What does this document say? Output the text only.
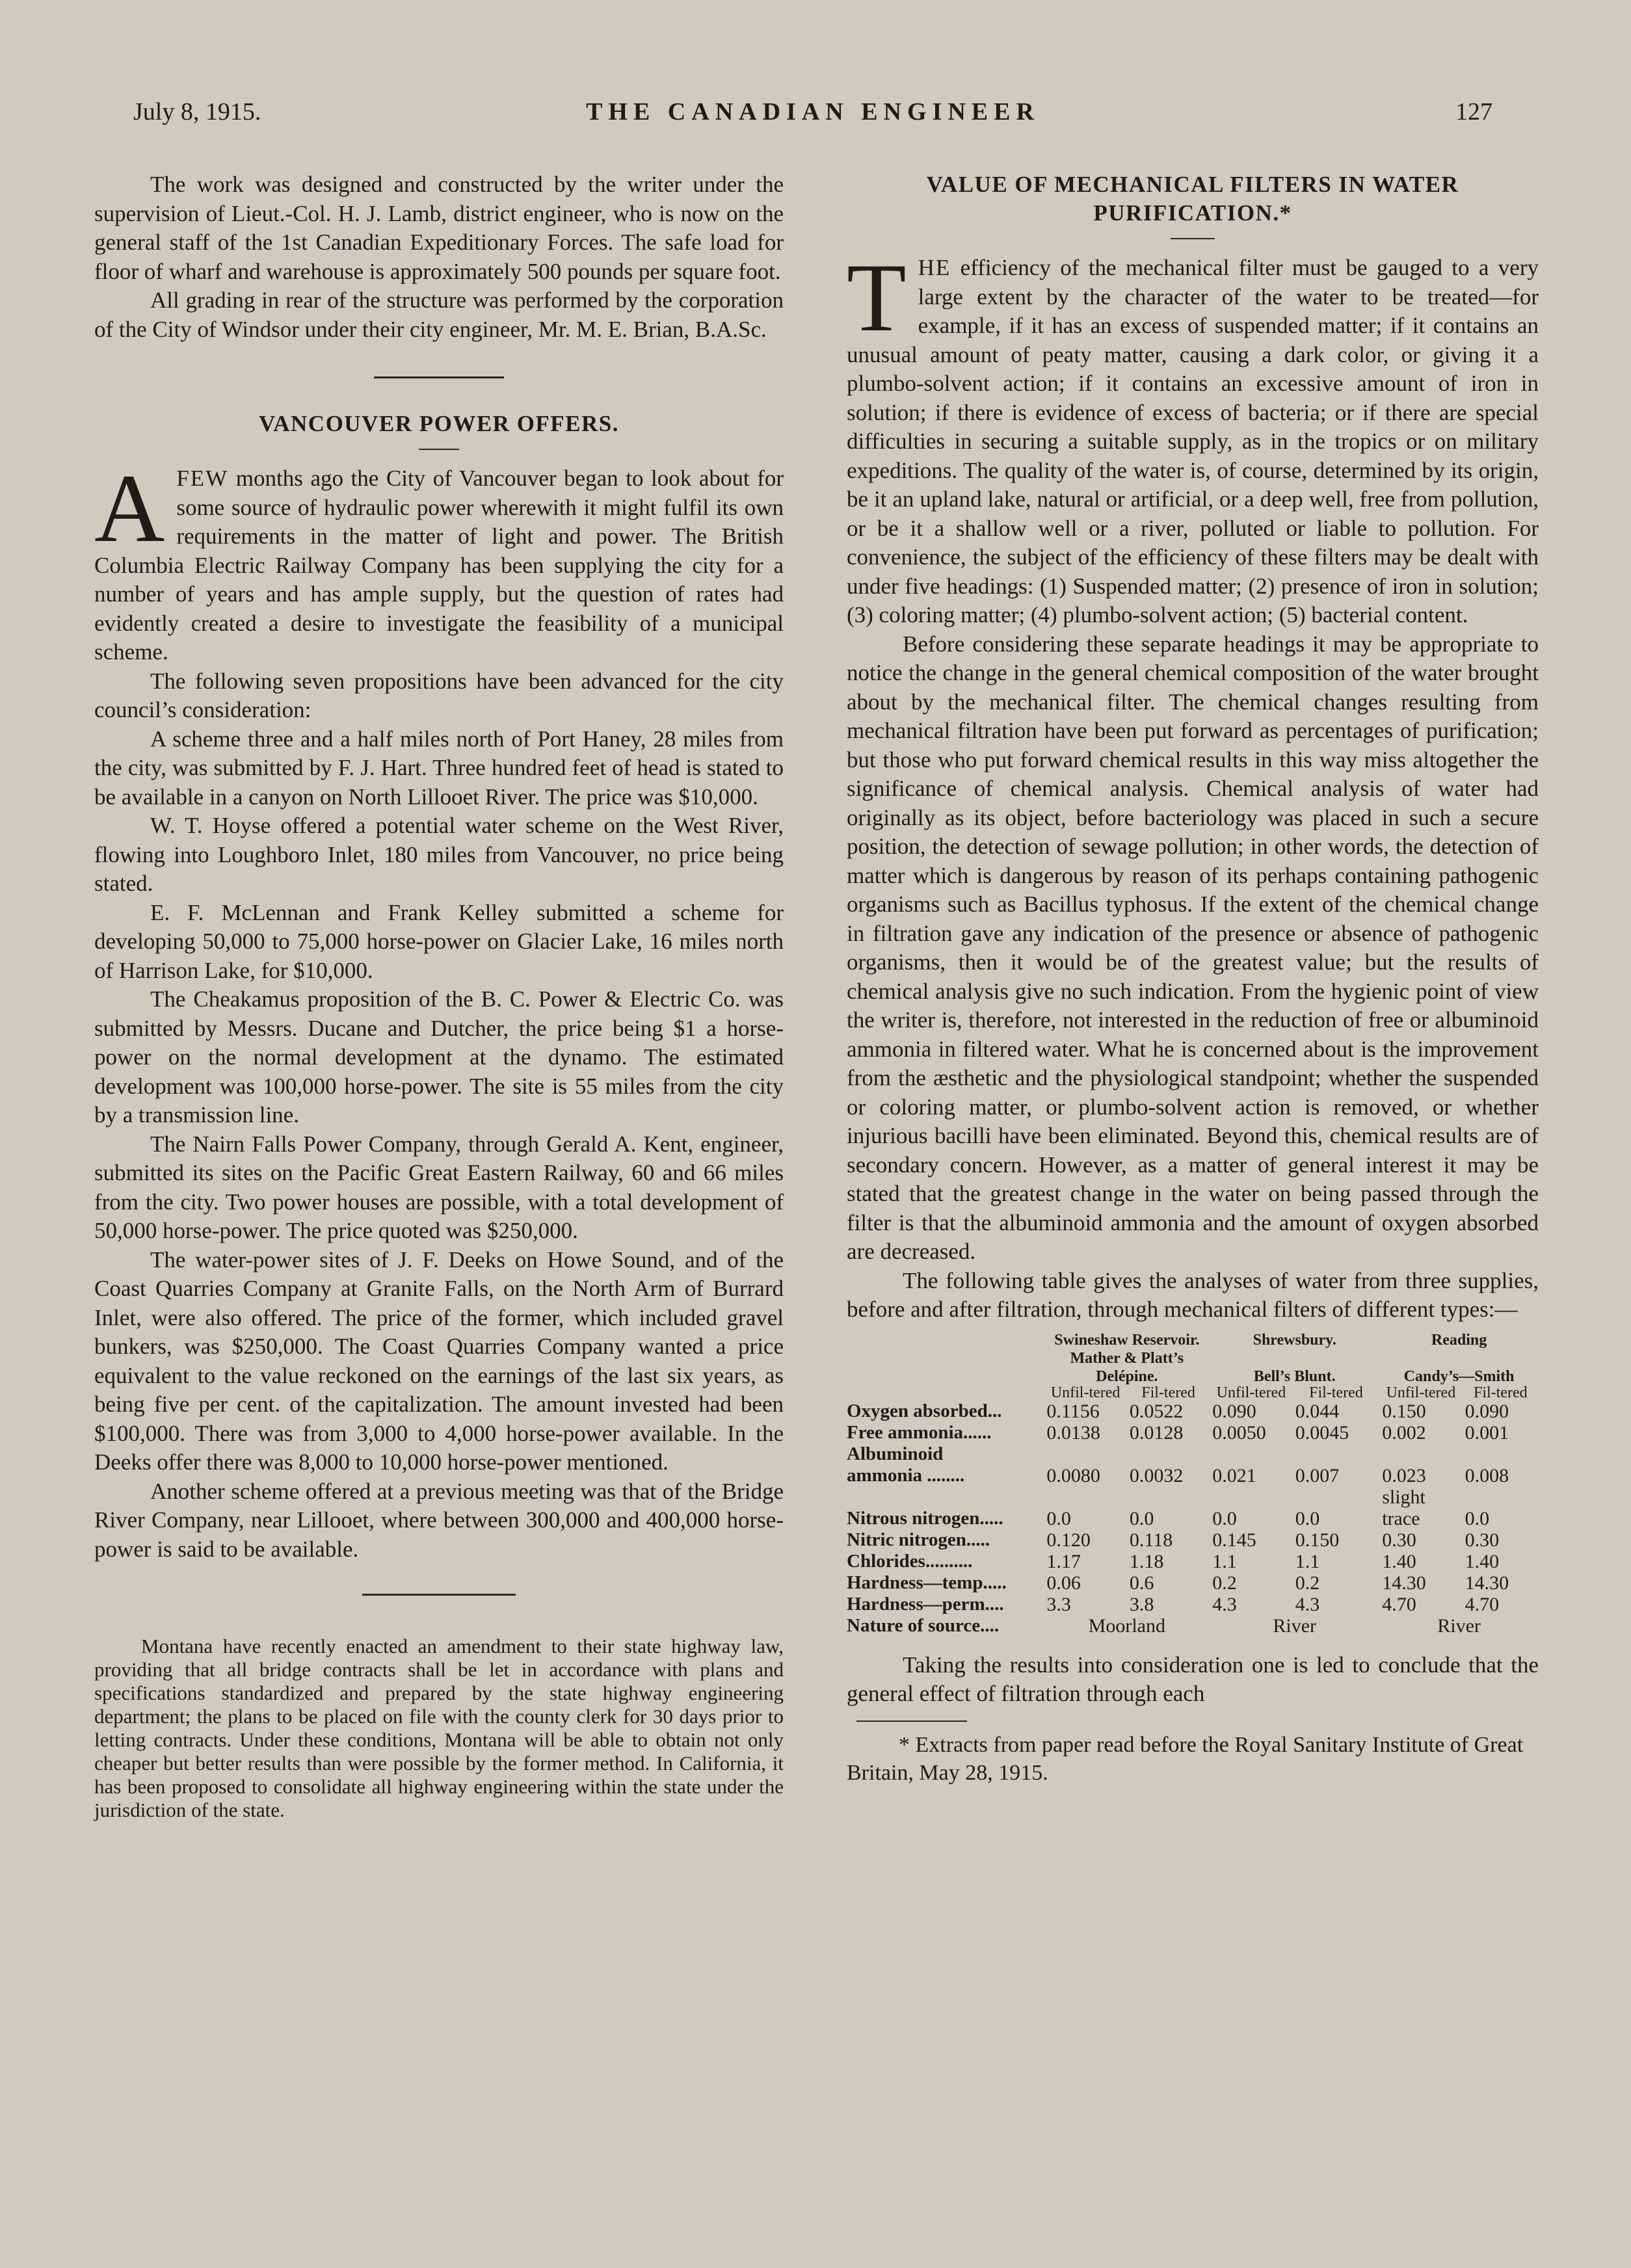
July 8, 1915.	THE CANADIAN ENGINEER	127

The work was designed and constructed by the writer under the supervision of Lieut.-Col. H. J. Lamb, district engineer, who is now on the general staff of the 1st Canadian Expeditionary Forces. The safe load for floor of wharf and warehouse is approximately 500 pounds per square foot.

All grading in rear of the structure was performed by the corporation of the City of Windsor under their city engineer, Mr. M. E. Brian, B.A.Sc.

VANCOUVER POWER OFFERS.

AFEW months ago the City of Vancouver began to look about for some source of hydraulic power wherewith it might fulfil its own requirements in the matter of light and power. The British Columbia Electric Railway Company has been supplying the city for a number of years and has ample supply, but the question of rates had evidently created a desire to investigate the feasibility of a municipal scheme.

The following seven propositions have been advanced for the city council’s consideration:

A scheme three and a half miles north of Port Haney, 28 miles from the city, was submitted by F. J. Hart. Three hundred feet of head is stated to be available in a canyon on North Lillooet River. The price was $10,000.

W. T. Hoyse offered a potential water scheme on the West River, flowing into Loughboro Inlet, 180 miles from Vancouver, no price being stated.

E. F. McLennan and Frank Kelley submitted a scheme for developing 50,000 to 75,000 horse-power on Glacier Lake, 16 miles north of Harrison Lake, for $10,000.

The Cheakamus proposition of the B. C. Power & Electric Co. was submitted by Messrs. Ducane and Dutcher, the price being $1 a horse-power on the normal development at the dynamo. The estimated development was 100,000 horse-power. The site is 55 miles from the city by a transmission line.

The Nairn Falls Power Company, through Gerald A. Kent, engineer, submitted its sites on the Pacific Great Eastern Railway, 60 and 66 miles from the city. Two power houses are possible, with a total development of 50,000 horse-power. The price quoted was $250,000.

The water-power sites of J. F. Deeks on Howe Sound, and of the Coast Quarries Company at Granite Falls, on the North Arm of Burrard Inlet, were also offered. The price of the former, which included gravel bunkers, was $250,000. The Coast Quarries Company wanted a price equivalent to the value reckoned on the earnings of the last six years, as being five per cent. of the capitalization. The amount invested had been $100,000. There was from 3,000 to 4,000 horse-power available. In the Deeks offer there was 8,000 to 10,000 horse-power mentioned.

Another scheme offered at a previous meeting was that of the Bridge River Company, near Lillooet, where between 300,000 and 400,000 horse-power is said to be available.

Montana have recently enacted an amendment to their state highway law, providing that all bridge contracts shall be let in accordance with plans and specifications standardized and prepared by the state highway engineering department; the plans to be placed on file with the county clerk for 30 days prior to letting contracts. Under these conditions, Montana will be able to obtain not only cheaper but better results than were possible by the former method. In California, it has been proposed to consolidate all highway engineering within the state under the jurisdiction of the state.

VALUE OF MECHANICAL FILTERS IN WATER PURIFICATION.*

THE efficiency of the mechanical filter must be gauged to a very large extent by the character of the water to be treated—for example, if it has an excess of suspended matter; if it contains an unusual amount of peaty matter, causing a dark color, or giving it a plumbo-solvent action; if it contains an excessive amount of iron in solution; if there is evidence of excess of bacteria; or if there are special difficulties in securing a suitable supply, as in the tropics or on military expeditions. The quality of the water is, of course, determined by its origin, be it an upland lake, natural or artificial, or a deep well, free from pollution, or be it a shallow well or a river, polluted or liable to pollution. For convenience, the subject of the efficiency of these filters may be dealt with under five headings: (1) Suspended matter; (2) presence of iron in solution; (3) coloring matter; (4) plumbo-solvent action; (5) bacterial content.

Before considering these separate headings it may be appropriate to notice the change in the general chemical composition of the water brought about by the mechanical filter. The chemical changes resulting from mechanical filtration have been put forward as percentages of purification; but those who put forward chemical results in this way miss altogether the significance of chemical analysis. Chemical analysis of water had originally as its object, before bacteriology was placed in such a secure position, the detection of sewage pollution; in other words, the detection of matter which is dangerous by reason of its perhaps containing pathogenic organisms such as Bacillus typhosus. If the extent of the chemical change in filtration gave any indication of the presence or absence of pathogenic organisms, then it would be of the greatest value; but the results of chemical analysis give no such indication. From the hygienic point of view the writer is, therefore, not interested in the reduction of free or albuminoid ammonia in filtered water. What he is concerned about is the improvement from the æsthetic and the physiological standpoint; whether the suspended or coloring matter, or plumbo-solvent action is removed, or whether injurious bacilli have been eliminated. Beyond this, chemical results are of secondary concern. However, as a matter of general interest it may be stated that the greatest change in the water on being passed through the filter is that the albuminoid ammonia and the amount of oxygen absorbed are decreased.

The following table gives the analyses of water from three supplies, before and after filtration, through mechanical filters of different types:—

	Swineshaw Reservoir.		Shrewsbury.		Reading	
	Mather & Platt’s Delépine.		Bell’s Blunt.		Candy’s—Smith	
	Unfil-tered	Fil-tered	Unfil-tered	Fil-tered	Unfil-tered	Fil-tered
Oxygen absorbed...	0.1156	0.0522	0.090	0.044	0.150	0.090
Free ammonia......	0.0138	0.0128	0.0050	0.0045	0.002	0.001
Albuminoid						
ammonia ........	0.0080	0.0032	0.021	0.007	0.023	0.008
Nitrous nitrogen.....	0.0	0.0	0.0	0.0	slight trace	0.0
Nitric nitrogen.....	0.120	0.118	0.145	0.150	0.30	0.30
Chlorides..........	1.17	1.18	1.1	1.1	1.40	1.40
Hardness—temp.....	0.06	0.6	0.2	0.2	14.30	14.30
Hardness—perm....	3.3	3.8	4.3	4.3	4.70	4.70
Nature of source....	Moorland		River		River	

Taking the results into consideration one is led to conclude that the general effect of filtration through each

* Extracts from paper read before the Royal Sanitary Institute of Great Britain, May 28, 1915.
